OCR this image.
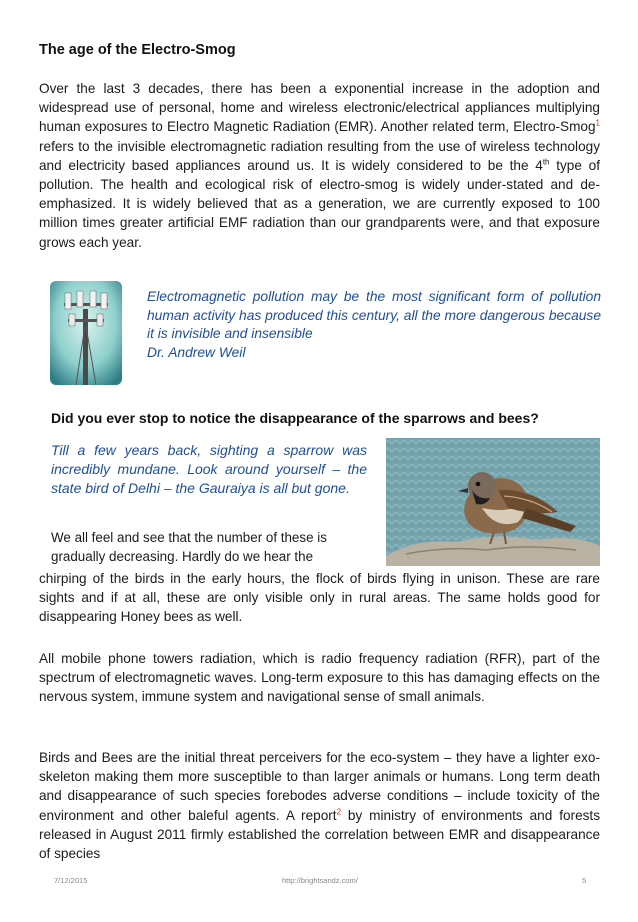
The age of the Electro-Smog
Over the last 3 decades, there has been a exponential increase in the adoption and widespread use of personal, home and wireless electronic/electrical appliances multiplying human exposures to Electro Magnetic Radiation (EMR). Another related term, Electro-Smog$^1$ refers to the invisible electromagnetic radiation resulting from the use of wireless technology and electricity based appliances around us. It is widely considered to be the 4th type of pollution. The health and ecological risk of electro-smog is widely under-stated and de-emphasized. It is widely believed that as a generation, we are currently exposed to 100 million times greater artificial EMF radiation than our grandparents were, and that exposure grows each year.
Electromagnetic pollution may be the most significant form of pollution human activity has produced this century, all the more dangerous because it is invisible and insensible
Dr. Andrew Weil
Did you ever stop to notice the disappearance of the sparrows and bees?
Till a few years back, sighting a sparrow was incredibly mundane. Look around yourself – the state bird of Delhi – the Gauraiya is all but gone.
We all feel and see that the number of these is gradually decreasing. Hardly do we hear the
chirping of the birds in the early hours, the flock of birds flying in unison. These are rare sights and if at all, these are only visible only in rural areas. The same holds good for disappearing Honey bees as well.
All mobile phone towers radiation, which is radio frequency radiation (RFR), part of the spectrum of electromagnetic waves. Long-term exposure to this has damaging effects on the nervous system, immune system and navigational sense of small animals.
Birds and Bees are the initial threat perceivers for the eco-system – they have a lighter exo-skeleton making them more susceptible to than larger animals or humans. Long term death and disappearance of such species forebodes adverse conditions – include toxicity of the environment and other baleful agents. A report$^2$ by ministry of environments and forests released in August 2011 firmly established the correlation between EMR and disappearance of species
7/12/2015	http://brightsandz.com/	5
